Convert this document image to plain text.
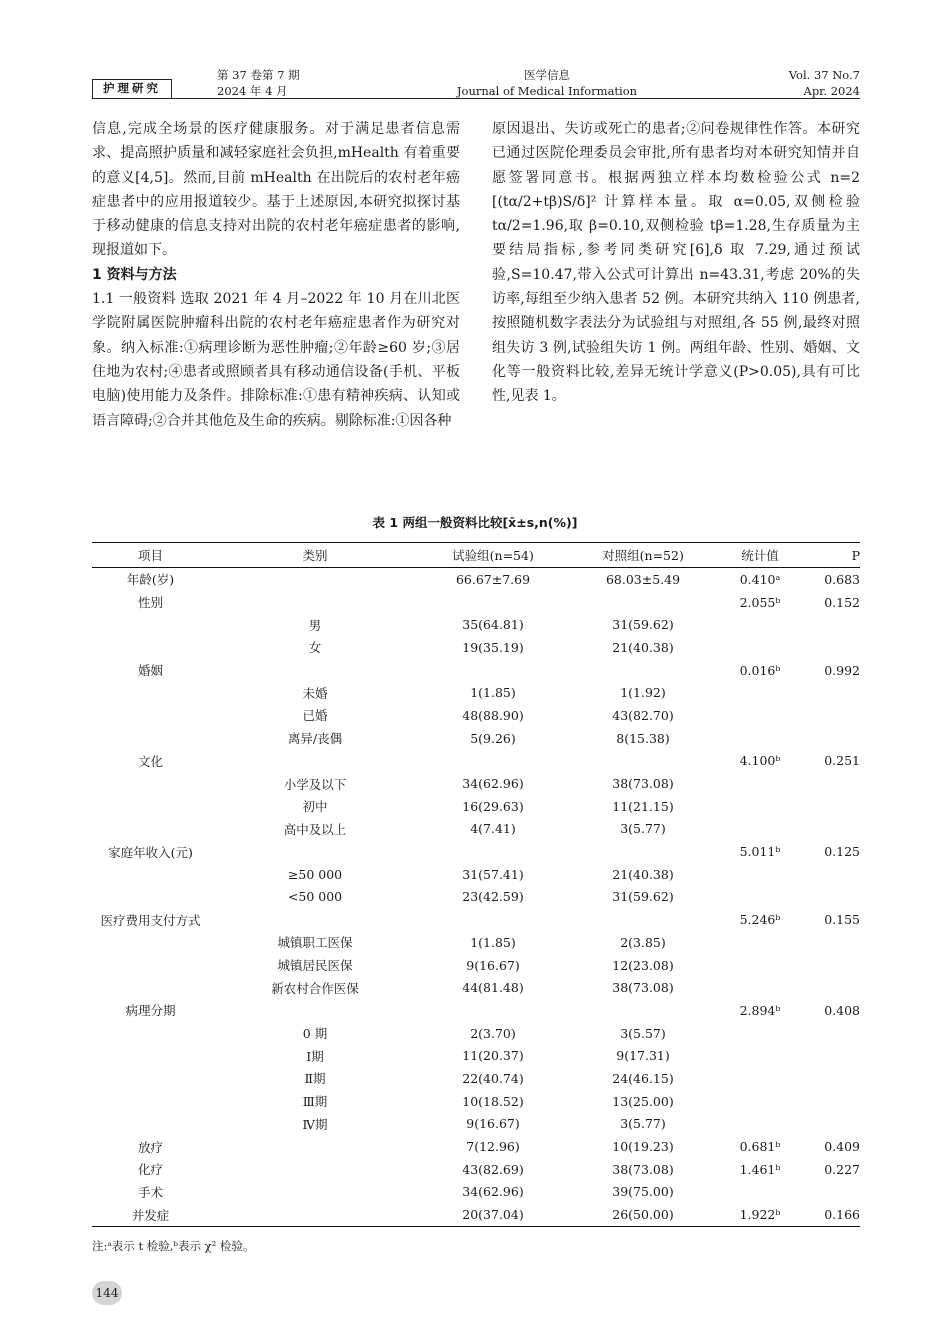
护理研究
第 37 卷第 7 期
2024 年 4 月
医学信息
Journal of Medical Information
Vol. 37 No.7
Apr. 2024

信息,完成全场景的医疗健康服务。对于满足患者信息需求、提高照护质量和减轻家庭社会负担,mHealth 有着重要的意义[4,5]。然而,目前 mHealth 在出院后的农村老年癌症患者中的应用报道较少。基于上述原因,本研究拟探讨基于移动健康的信息支持对出院的农村老年癌症患者的影响,现报道如下。

1 资料与方法

1.1 一般资料 选取 2021 年 4 月–2022 年 10 月在川北医学院附属医院肿瘤科出院的农村老年癌症患者作为研究对象。纳入标准:①病理诊断为恶性肿瘤;②年龄≥60 岁;③居住地为农村;④患者或照顾者具有移动通信设备(手机、平板电脑)使用能力及条件。排除标准:①患有精神疾病、认知或语言障碍;②合并其他危及生命的疾病。剔除标准:①因各种

原因退出、失访或死亡的患者;②问卷规律性作答。本研究已通过医院伦理委员会审批,所有患者均对本研究知情并自愿签署同意书。根据两独立样本均数检验公式 n=2 [(tα/2+tβ)S/δ]² 计算样本量。取 α=0.05,双侧检验 tα/2=1.96,取 β=0.10,双侧检验 tβ=1.28,生存质量为主要结局指标,参考同类研究[6],δ 取 7.29,通过预试验,S=10.47,带入公式可计算出 n=43.31,考虑 20%的失访率,每组至少纳入患者 52 例。本研究共纳入 110 例患者,按照随机数字表法分为试验组与对照组,各 55 例,最终对照组失访 3 例,试验组失访 1 例。两组年龄、性别、婚姻、文化等一般资料比较,差异无统计学意义(P>0.05),具有可比性,见表 1。

表 1 两组一般资料比较[x̄±s,n(%)]
项目	类别	试验组(n=54)	对照组(n=52)	统计值	P
年龄(岁)		66.67±7.69	68.03±5.49	0.410ᵃ	0.683
性别				2.055ᵇ	0.152
	男	35(64.81)	31(59.62)		
	女	19(35.19)	21(40.38)		
婚姻				0.016ᵇ	0.992
	未婚	1(1.85)	1(1.92)		
	已婚	48(88.90)	43(82.70)		
	离异/丧偶	5(9.26)	8(15.38)		
文化				4.100ᵇ	0.251
	小学及以下	34(62.96)	38(73.08)		
	初中	16(29.63)	11(21.15)		
	高中及以上	4(7.41)	3(5.77)		
家庭年收入(元)				5.011ᵇ	0.125
	≥50 000	31(57.41)	21(40.38)		
	<50 000	23(42.59)	31(59.62)		
医疗费用支付方式				5.246ᵇ	0.155
	城镇职工医保	1(1.85)	2(3.85)		
	城镇居民医保	9(16.67)	12(23.08)		
	新农村合作医保	44(81.48)	38(73.08)		
病理分期				2.894ᵇ	0.408
	0 期	2(3.70)	3(5.57)		
	Ⅰ期	11(20.37)	9(17.31)		
	Ⅱ期	22(40.74)	24(46.15)		
	Ⅲ期	10(18.52)	13(25.00)		
	Ⅳ期	9(16.67)	3(5.77)		
放疗		7(12.96)	10(19.23)	0.681ᵇ	0.409
化疗		43(82.69)	38(73.08)	1.461ᵇ	0.227
手术		34(62.96)	39(75.00)		
并发症		20(37.04)	26(50.00)	1.922ᵇ	0.166
注:ᵃ表示 t 检验,ᵇ表示 χ² 检验。
144
